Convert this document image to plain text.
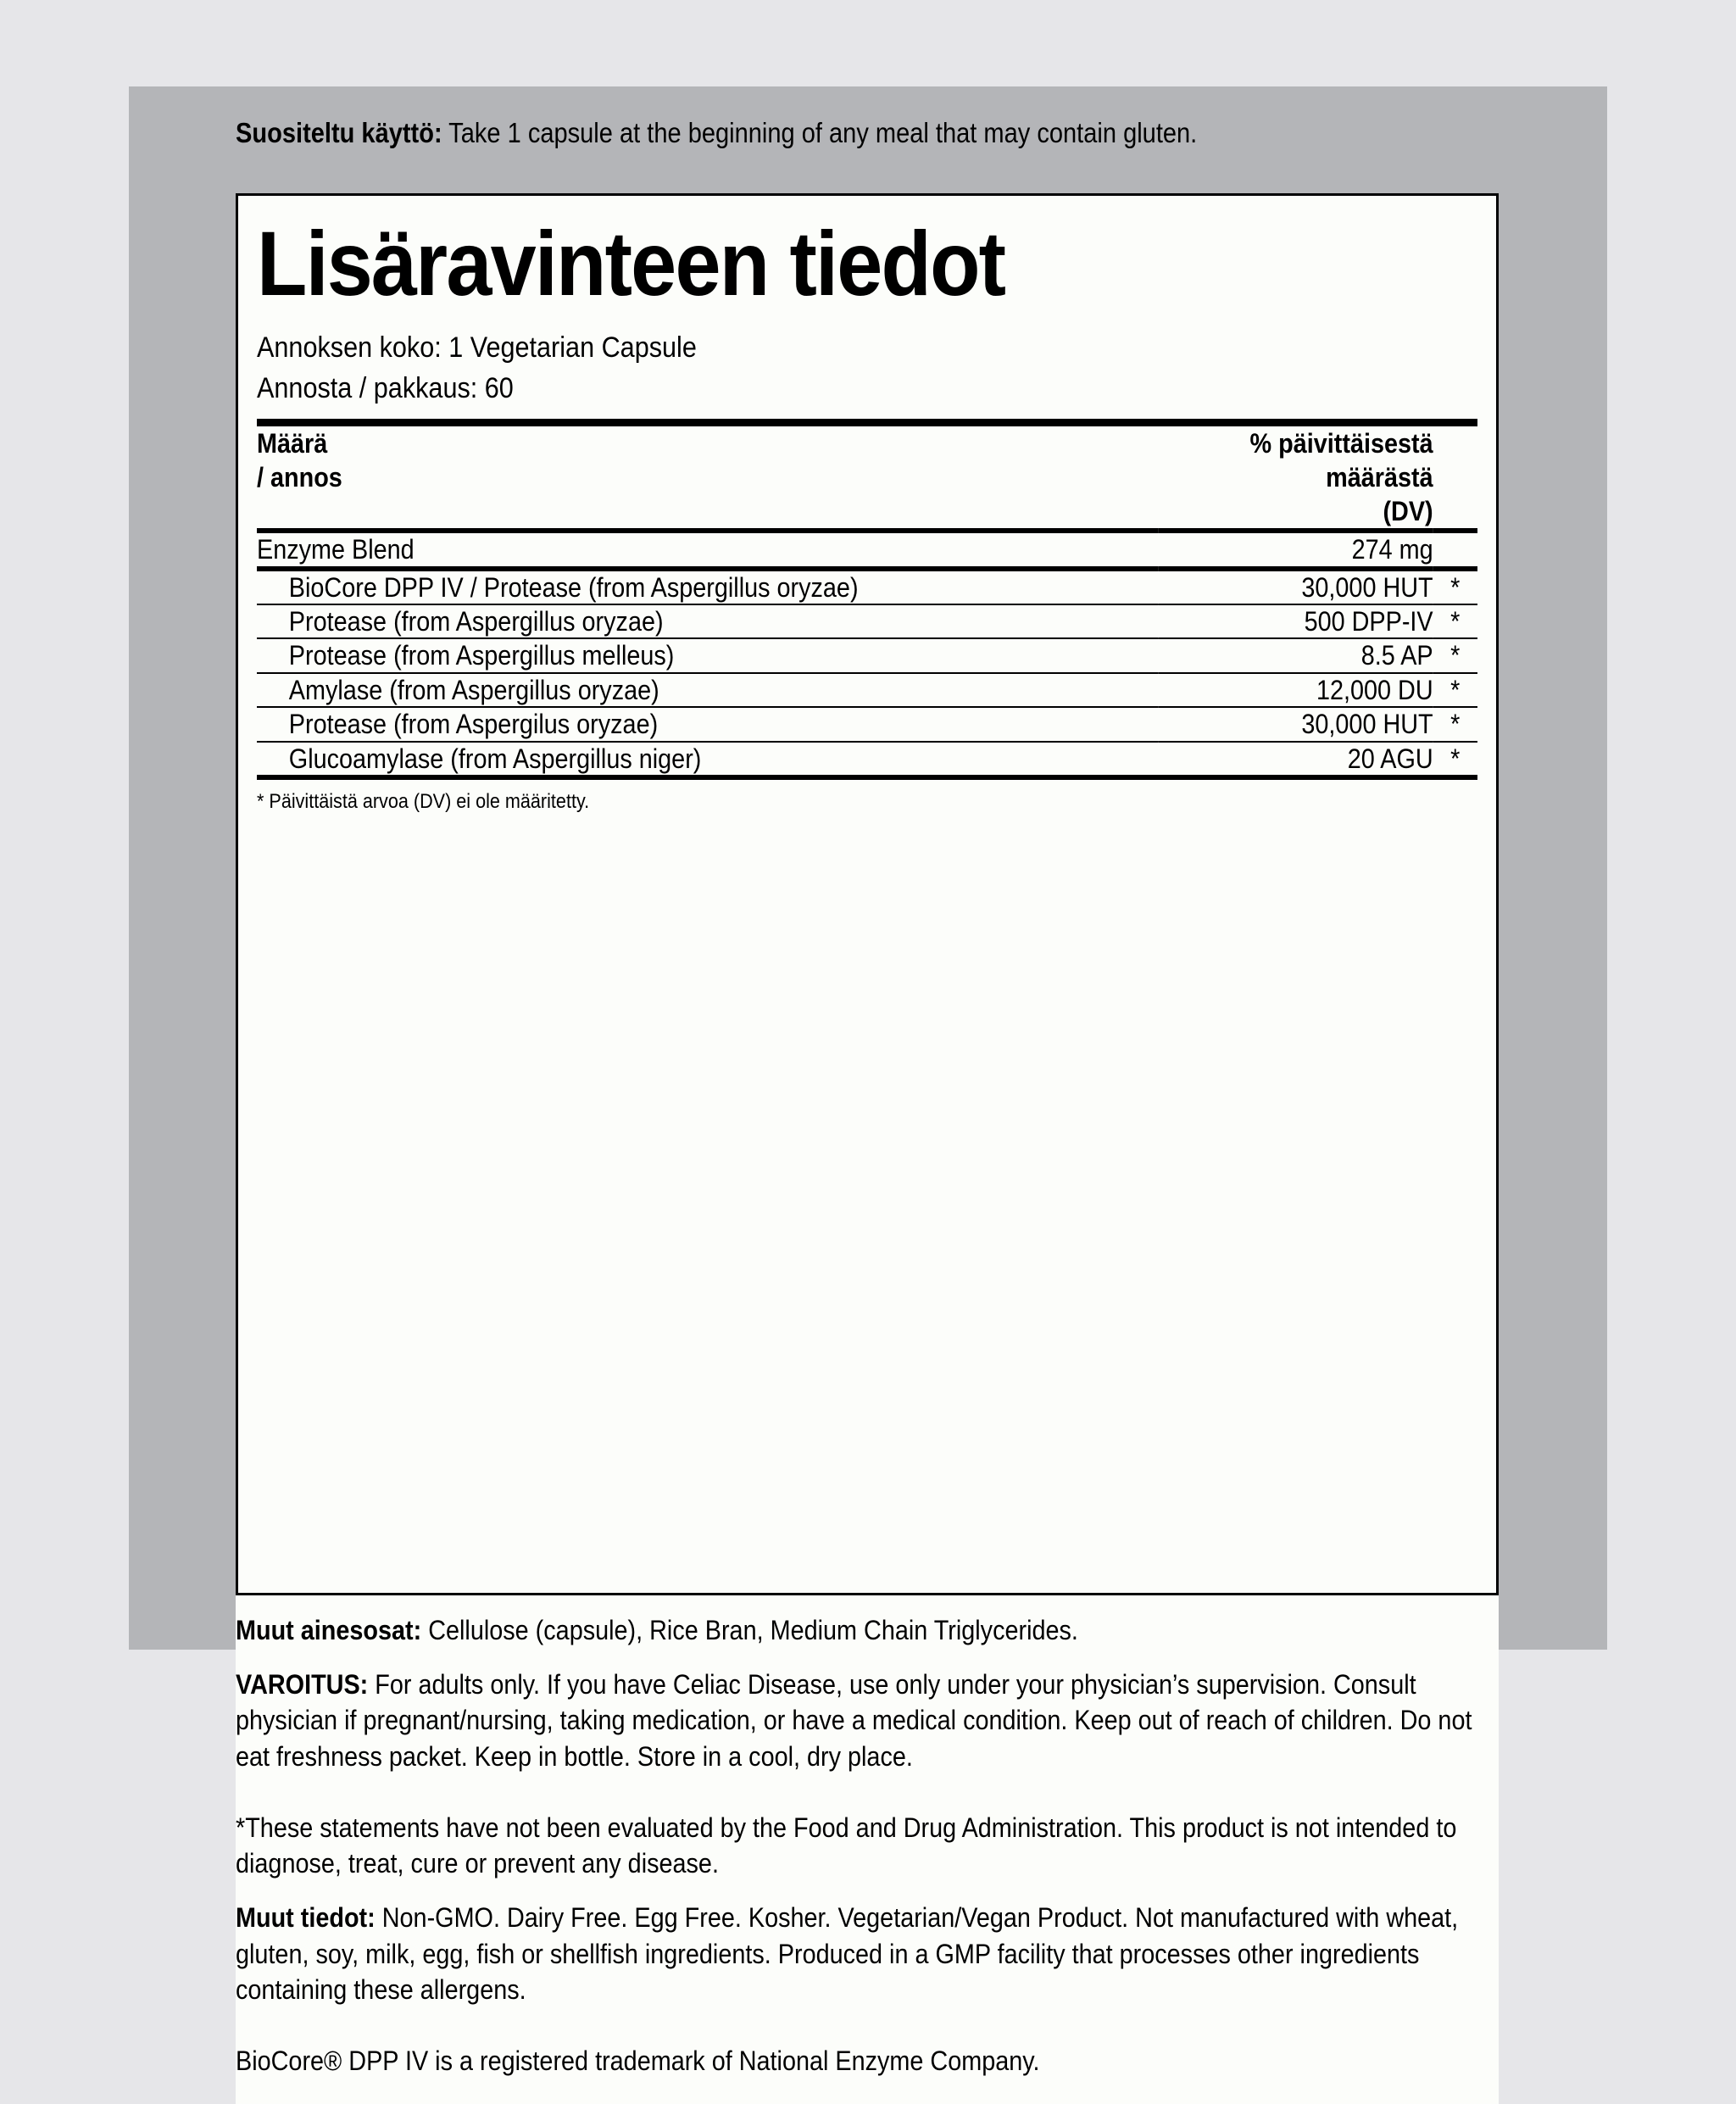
Suositeltu käyttö: Take 1 capsule at the beginning of any meal that may contain gluten.

Lisäravinteen tiedot
Annoksen koko: 1 Vegetarian Capsule
Annosta / pakkaus: 60
Määrä
/ annos

% päivittäisestä
määrästä
(DV)

Enzyme Blend	274 mg	
BioCore DPP IV / Protease (from Aspergillus oryzae)	30,000 HUT	*
Protease (from Aspergillus oryzae)	500 DPP-IV	*
Protease (from Aspergillus melleus)	8.5 AP	*
Amylase (from Aspergillus oryzae)	12,000 DU	*
Protease (from Aspergilus oryzae)	30,000 HUT	*
Glucoamylase (from Aspergillus niger)	20 AGU	*
* Päivittäistä arvoa (DV) ei ole määritetty.

Muut ainesosat: Cellulose (capsule), Rice Bran, Medium Chain Triglycerides.

VAROITUS: For adults only. If you have Celiac Disease, use only under your physician’s supervision. Consult physician if pregnant/nursing, taking medication, or have a medical condition. Keep out of reach of children. Do not eat freshness packet. Keep in bottle. Store in a cool, dry place.

*These statements have not been evaluated by the Food and Drug Administration. This product is not intended to diagnose, treat, cure or prevent any disease.

Muut tiedot: Non-GMO. Dairy Free. Egg Free. Kosher. Vegetarian/Vegan Product. Not manufactured with wheat, gluten, soy, milk, egg, fish or shellfish ingredients. Produced in a GMP facility that processes other ingredients containing these allergens.

BioCore® DPP IV is a registered trademark of National Enzyme Company.
